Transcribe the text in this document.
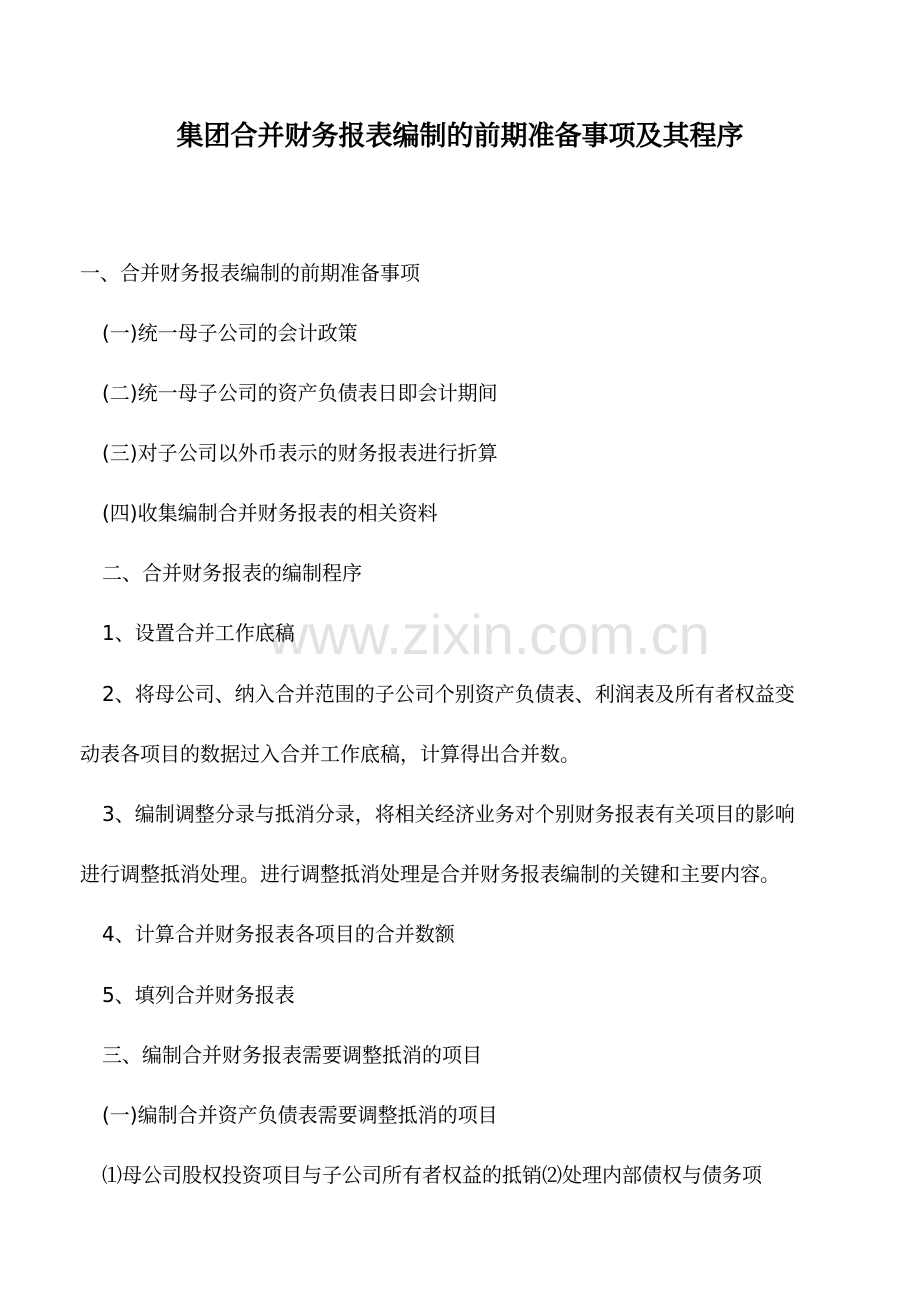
www.zixin.com.cn
集团合并财务报表编制的前期准备事项及其程序
一、合并财务报表编制的前期准备事项
(一)统一母子公司的会计政策
(二)统一母子公司的资产负债表日即会计期间
(三)对子公司以外币表示的财务报表进行折算
(四)收集编制合并财务报表的相关资料
二、合并财务报表的编制程序
1、设置合并工作底稿
2、将母公司、纳入合并范围的子公司个别资产负债表、利润表及所有者权益变
动表各项目的数据过入合并工作底稿，计算得出合并数。
3、编制调整分录与抵消分录，将相关经济业务对个别财务报表有关项目的影响
进行调整抵消处理。进行调整抵消处理是合并财务报表编制的关键和主要内容。
4、计算合并财务报表各项目的合并数额
5、填列合并财务报表
三、编制合并财务报表需要调整抵消的项目
(一)编制合并资产负债表需要调整抵消的项目
⑴母公司股权投资项目与子公司所有者权益的抵销⑵处理内部债权与债务项
